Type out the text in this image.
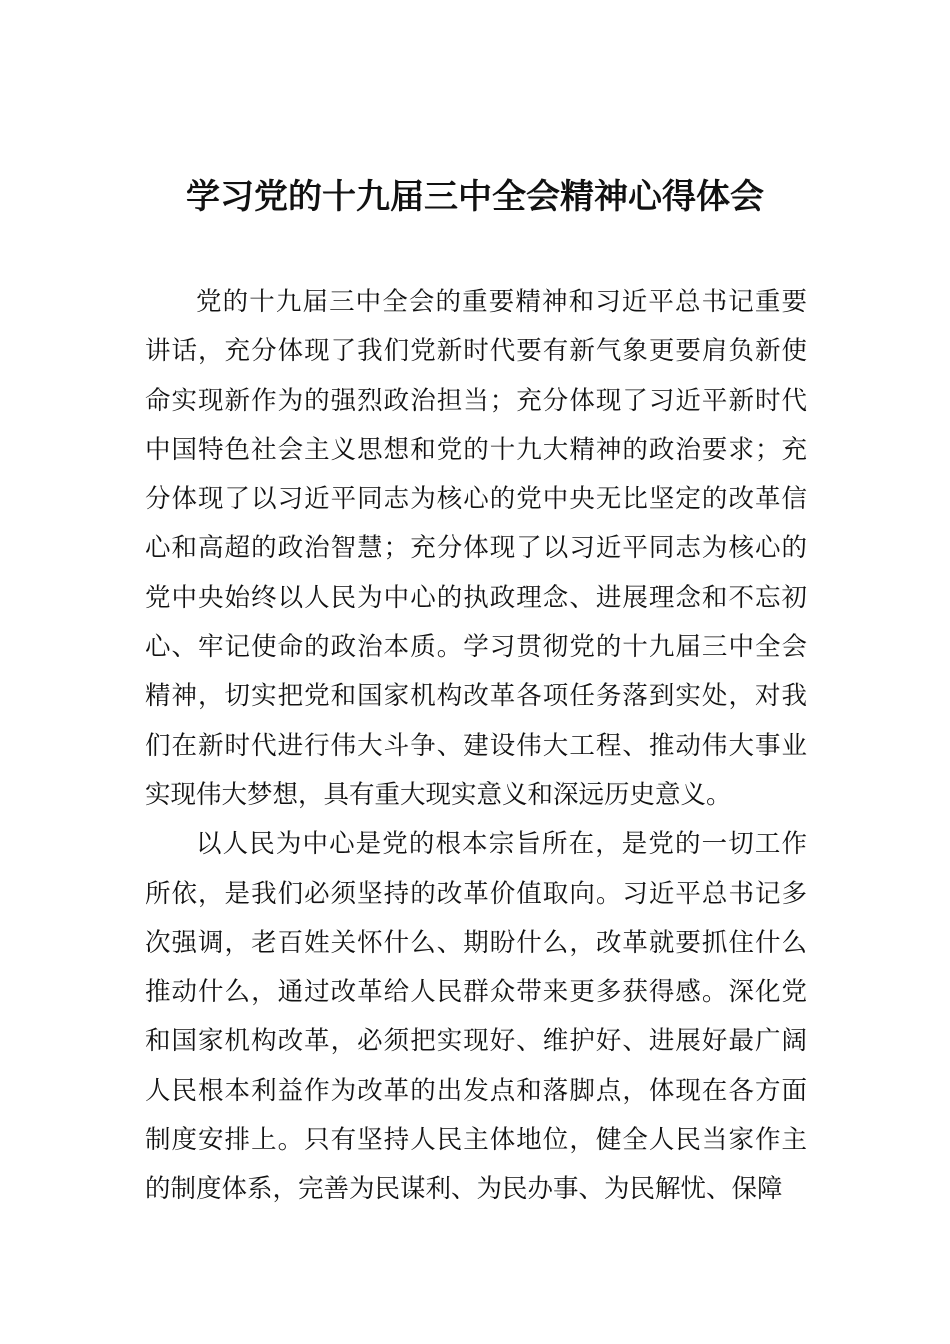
学习党的十九届三中全会精神心得体会

党的十九届三中全会的重要精神和习近平总书记重要讲话，充分体现了我们党新时代要有新气象更要肩负新使命实现新作为的强烈政治担当；充分体现了习近平新时代中国特色社会主义思想和党的十九大精神的政治要求；充分体现了以习近平同志为核心的党中央无比坚定的改革信心和高超的政治智慧；充分体现了以习近平同志为核心的党中央始终以人民为中心的执政理念、进展理念和不忘初心、牢记使命的政治本质。学习贯彻党的十九届三中全会精神，切实把党和国家机构改革各项任务落到实处，对我们在新时代进行伟大斗争、建设伟大工程、推动伟大事业实现伟大梦想，具有重大现实意义和深远历史意义。

以人民为中心是党的根本宗旨所在，是党的一切工作所依，是我们必须坚持的改革价值取向。习近平总书记多次强调，老百姓关怀什么、期盼什么，改革就要抓住什么推动什么，通过改革给人民群众带来更多获得感。深化党和国家机构改革，必须把实现好、维护好、进展好最广阔人民根本利益作为改革的出发点和落脚点，体现在各方面制度安排上。只有坚持人民主体地位，健全人民当家作主的制度体系，完善为民谋利、为民办事、为民解忧、保障
